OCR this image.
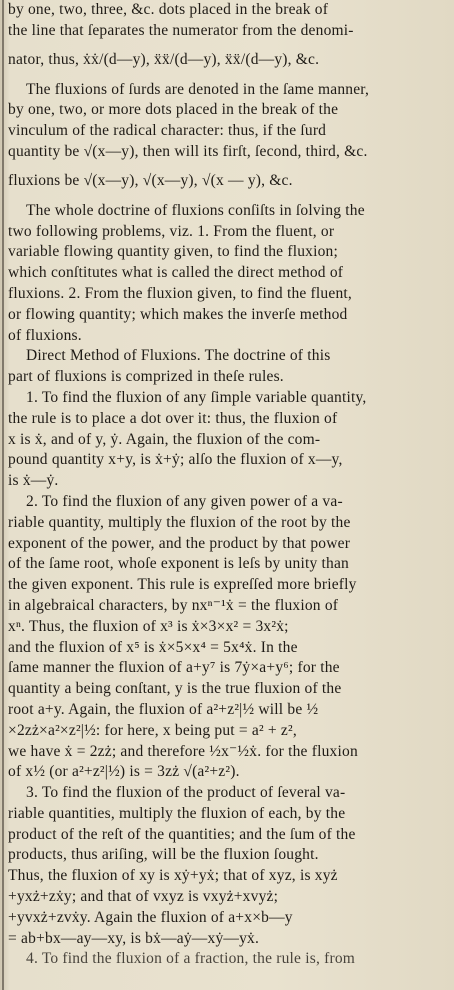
by one, two, three, &c. dots placed in the break of
the line that ſeparates the numerator from the denomi-
nator, thus, ẋẋ/(d—y), ẍẍ/(d—y), ẍẍ/(d—y), &c.
The fluxions of ſurds are denoted in the ſame manner,
by one, two, or more dots placed in the break of the
vinculum of the radical character: thus, if the ſurd
quantity be √(x—y), then will its firſt, ſecond, third, &c.
fluxions be √(x—y), √(x—y), √(x — y), &c.
The whole doctrine of fluxions conſiſts in ſolving the
two following problems, viz. 1. From the fluent, or
variable flowing quantity given, to find the fluxion;
which conſtitutes what is called the direct method of
fluxions. 2. From the fluxion given, to find the fluent,
or flowing quantity; which makes the inverſe method
of fluxions.
Direct Method of Fluxions. The doctrine of this
part of fluxions is comprized in theſe rules.
1. To find the fluxion of any ſimple variable quantity,
the rule is to place a dot over it: thus, the fluxion of
x is ẋ, and of y, ẏ. Again, the fluxion of the com-
pound quantity x+y, is ẋ+ẏ; alſo the fluxion of x—y,
is ẋ—ẏ.
2. To find the fluxion of any given power of a va-
riable quantity, multiply the fluxion of the root by the
exponent of the power, and the product by that power
of the ſame root, whoſe exponent is leſs by unity than
the given exponent. This rule is expreſſed more briefly
in algebraical characters, by nxⁿ⁻¹ẋ = the fluxion of
xⁿ. Thus, the fluxion of x³ is ẋ×3×x² = 3x²ẋ;
and the fluxion of x⁵ is ẋ×5×x⁴ = 5x⁴ẋ. In the
ſame manner the fluxion of a+y⁷ is 7ẏ×a+y⁶; for the
quantity a being conſtant, y is the true fluxion of the
root a+y. Again, the fluxion of a²+z²|½ will be ½
×2zż×a²×z²|½: for here, x being put = a² + z²,
we have ẋ = 2zż; and therefore ½x⁻½ẋ. for the fluxion
of x½ (or a²+z²|½) is = 3zż √(a²+z²).
3. To find the fluxion of the product of ſeveral va-
riable quantities, multiply the fluxion of each, by the
product of the reſt of the quantities; and the ſum of the
products, thus ariſing, will be the fluxion ſought.
Thus, the fluxion of xy is xẏ+yẋ; that of xyz, is xyż
+yxż+zẋy; and that of vxyz is vxyż+xvyż;
+yvxż+zvẋy. Again the fluxion of a+x×b—y
= ab+bx—ay—xy, is bẋ—aẏ—xẏ—yẋ.
4. To find the fluxion of a fraction, the rule is, from
